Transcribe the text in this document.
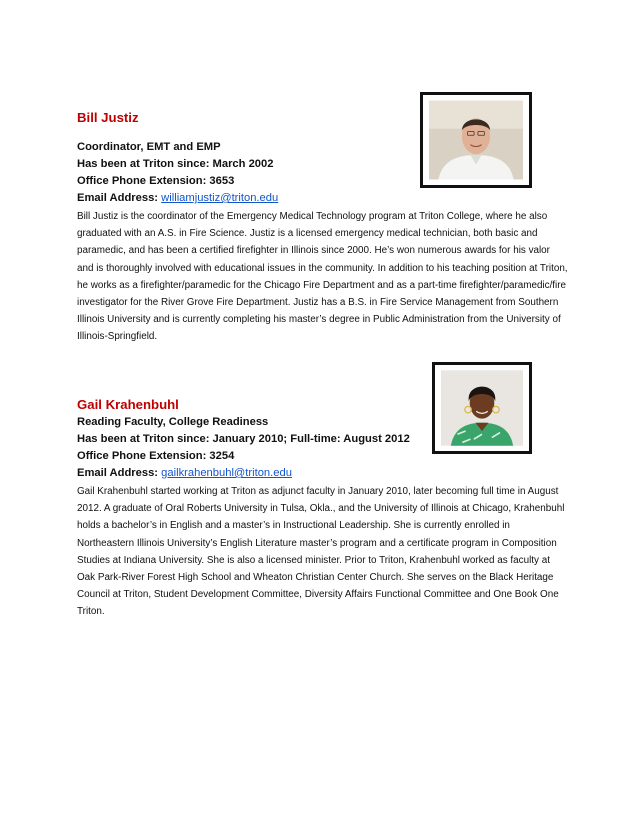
Bill Justiz
Coordinator, EMT and EMP
Has been at Triton since: March 2002
Office Phone Extension: 3653
Email Address: williamjustiz@triton.edu

Bill Justiz is the coordinator of the Emergency Medical Technology program at Triton College, where he also graduated with an A.S. in Fire Science. Justiz is a licensed emergency medical technician, both basic and paramedic, and has been a certified firefighter in Illinois since 2000. He’s won numerous awards for his valor and is thoroughly involved with educational issues in the community. In addition to his teaching position at Triton, he works as a firefighter/paramedic for the Chicago Fire Department and as a part-time firefighter/paramedic/fire investigator for the River Grove Fire Department. Justiz has a B.S. in Fire Service Management from Southern Illinois University and is currently completing his master’s degree in Public Administration from the University of Illinois-Springfield.

Gail Krahenbuhl
Reading Faculty, College Readiness
Has been at Triton since: January 2010; Full-time: August 2012
Office Phone Extension: 3254
Email Address: gailkrahenbuhl@triton.edu

Gail Krahenbuhl started working at Triton as adjunct faculty in January 2010, later becoming full time in August 2012. A graduate of Oral Roberts University in Tulsa, Okla., and the University of Illinois at Chicago, Krahenbuhl holds a bachelor’s in English and a master’s in Instructional Leadership. She is currently enrolled in Northeastern Illinois University’s English Literature master’s program and a certificate program in Composition Studies at Indiana University. She is also a licensed minister. Prior to Triton, Krahenbuhl worked as faculty at Oak Park-River Forest High School and Wheaton Christian Center Church. She serves on the Black Heritage Council at Triton, Student Development Committee, Diversity Affairs Functional Committee and One Book One Triton.
